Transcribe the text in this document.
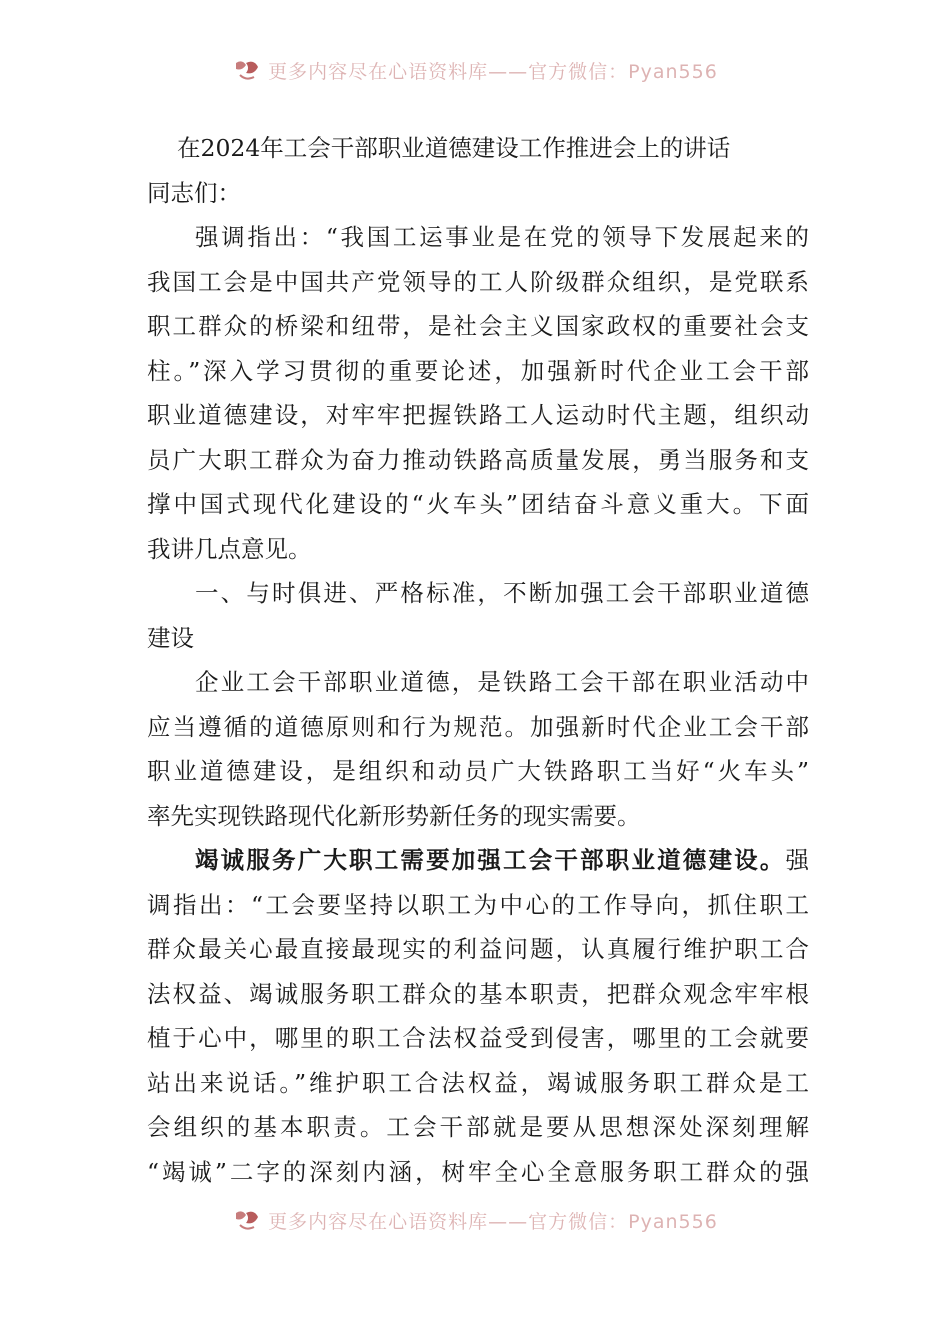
更多内容尽在心语资料库——官方微信：Pyan556
在2024年工会干部职业道德建设工作推进会上的讲话
同志们：
强调指出：“我国工运事业是在党的领导下发展起来的
我国工会是中国共产党领导的工人阶级群众组织，是党联系
职工群众的桥梁和纽带，是社会主义国家政权的重要社会支
柱。”深入学习贯彻的重要论述，加强新时代企业工会干部
职业道德建设，对牢牢把握铁路工人运动时代主题，组织动
员广大职工群众为奋力推动铁路高质量发展，勇当服务和支
撑中国式现代化建设的“火车头”团结奋斗意义重大。下面
我讲几点意见。
一、与时俱进、严格标准，不断加强工会干部职业道德
建设
企业工会干部职业道德，是铁路工会干部在职业活动中
应当遵循的道德原则和行为规范。加强新时代企业工会干部
职业道德建设，是组织和动员广大铁路职工当好“火车头”
率先实现铁路现代化新形势新任务的现实需要。
竭诚服务广大职工需要加强工会干部职业道德建设。强
调指出：“工会要坚持以职工为中心的工作导向，抓住职工
群众最关心最直接最现实的利益问题，认真履行维护职工合
法权益、竭诚服务职工群众的基本职责，把群众观念牢牢根
植于心中，哪里的职工合法权益受到侵害，哪里的工会就要
站出来说话。”维护职工合法权益，竭诚服务职工群众是工
会组织的基本职责。工会干部就是要从思想深处深刻理解
“竭诚”二字的深刻内涵，树牢全心全意服务职工群众的强
更多内容尽在心语资料库——官方微信：Pyan556
